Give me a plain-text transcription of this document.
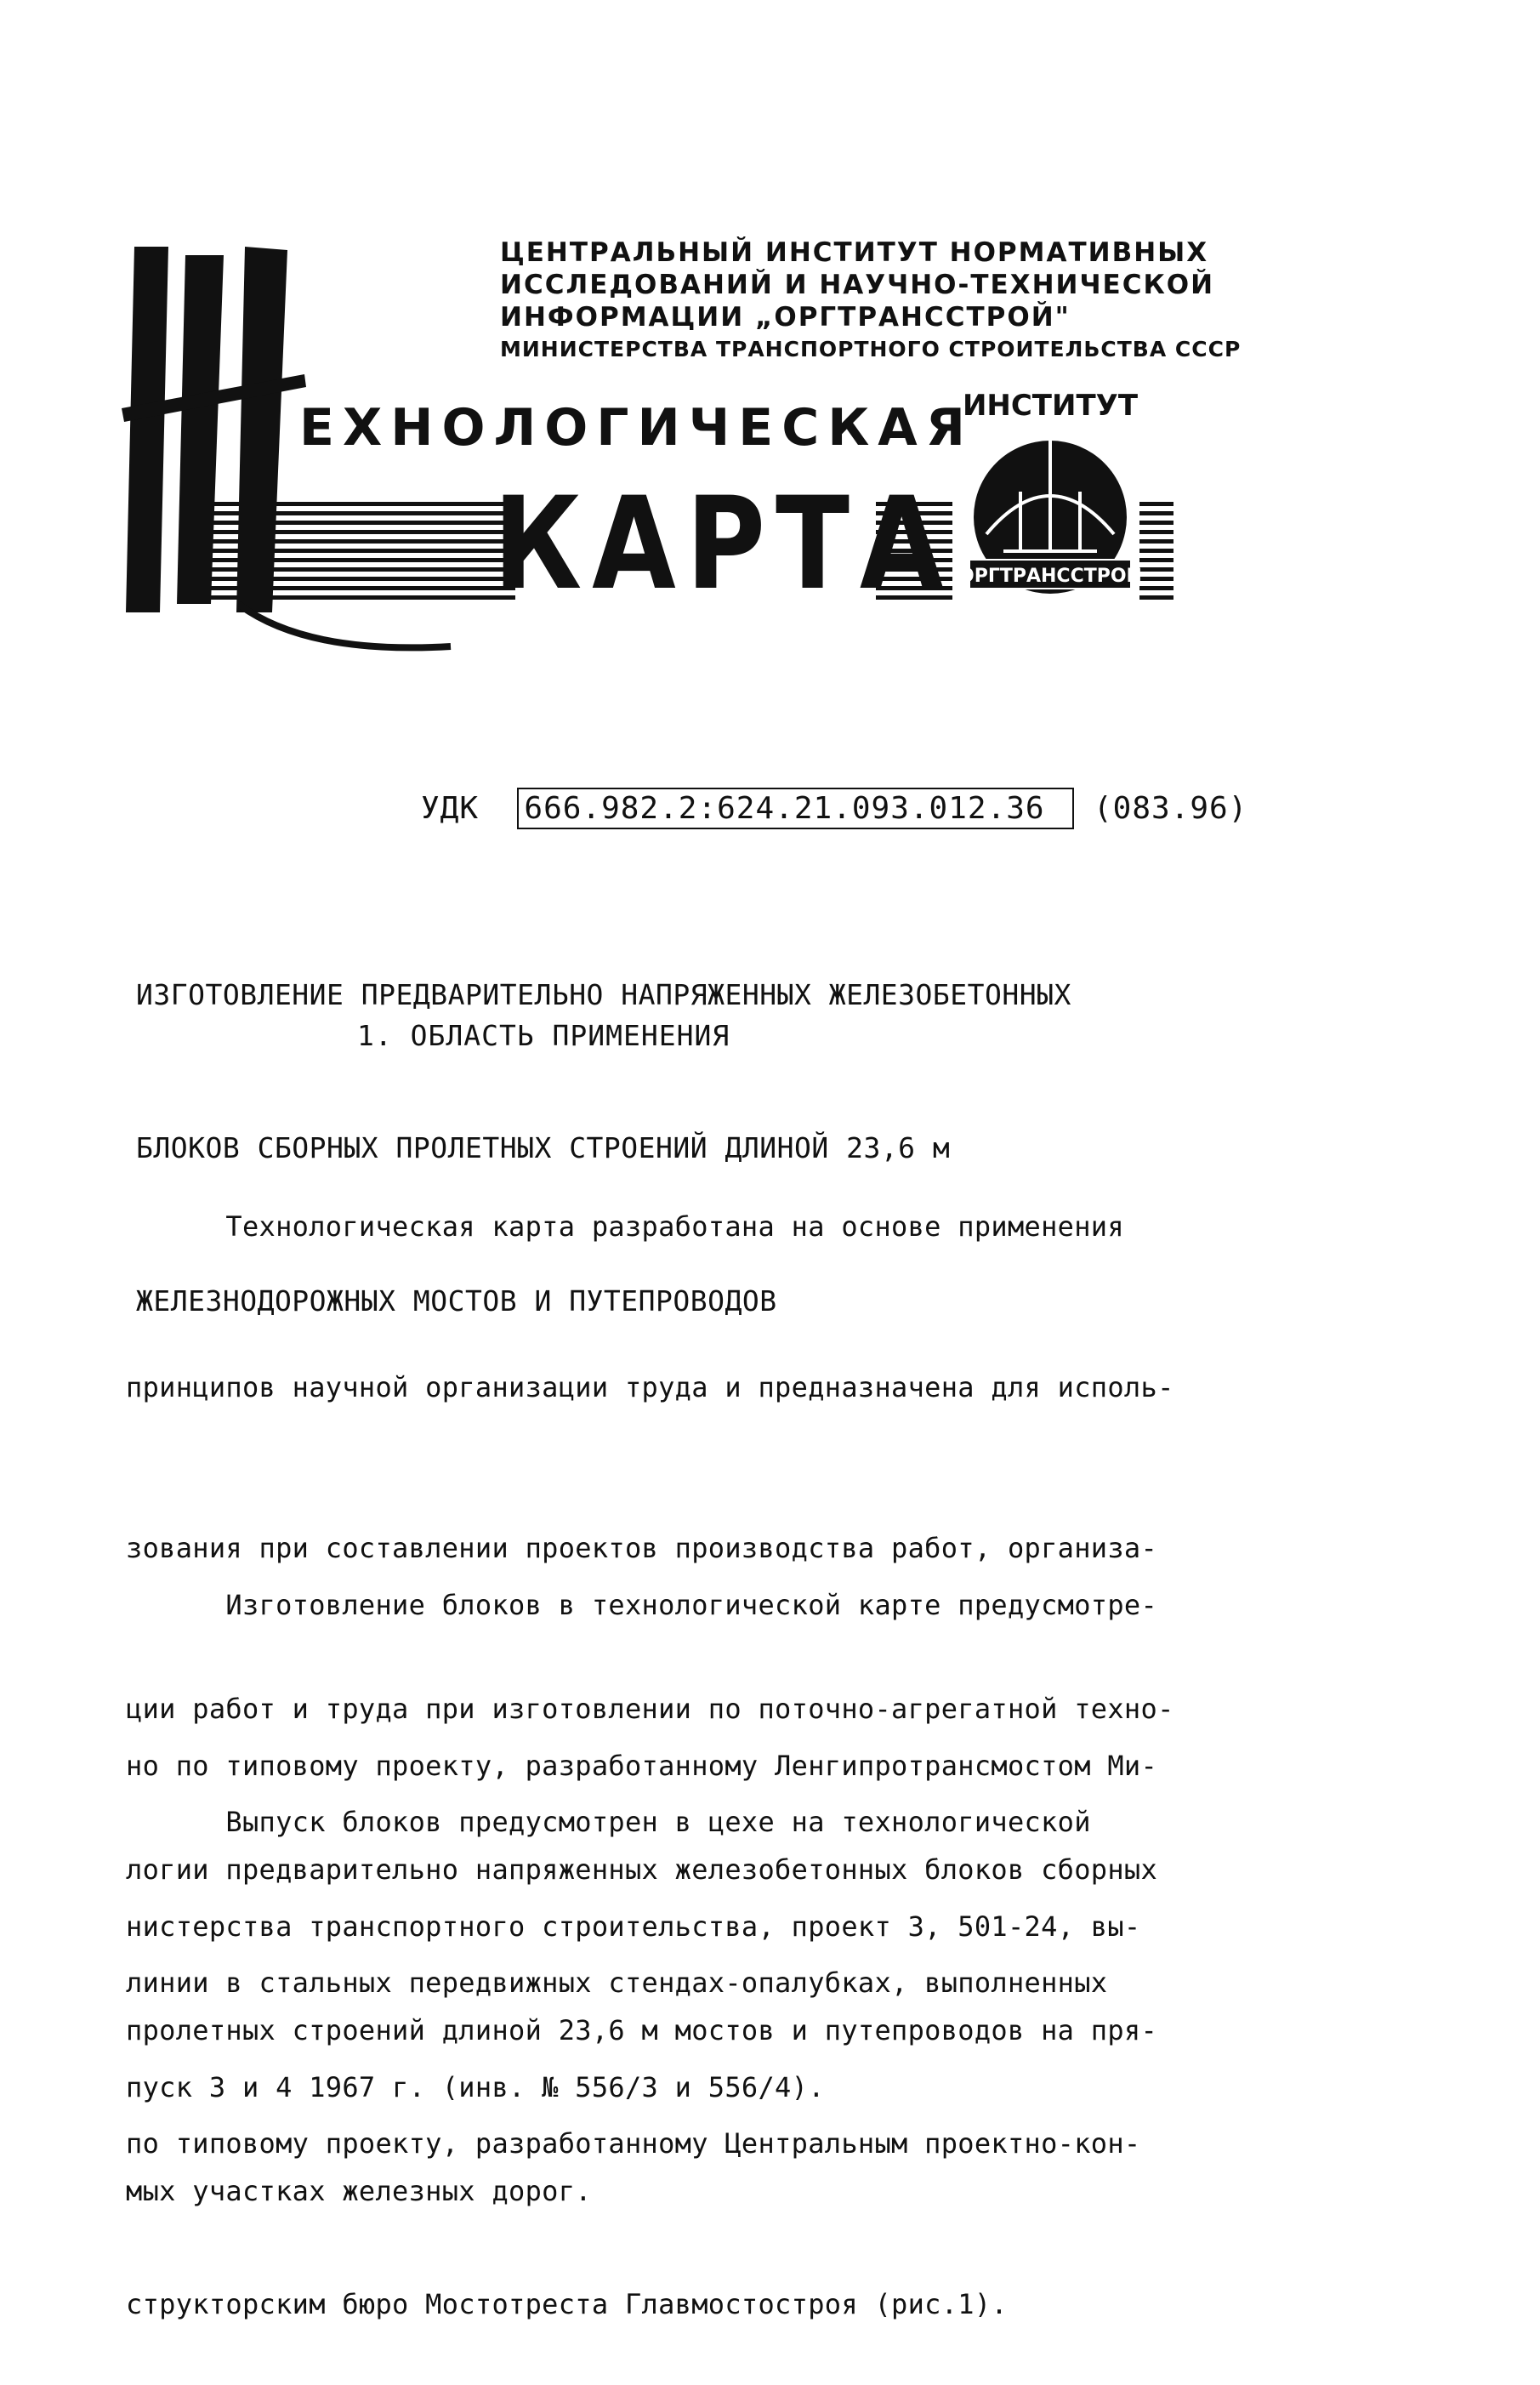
ЦЕНТРАЛЬНЫЙ ИНСТИТУТ НОРМАТИВНЫХ
ИССЛЕДОВАНИЙ И НАУЧНО-ТЕХНИЧЕСКОЙ
ИНФОРМАЦИИ „ОРГТРАНССТРОЙ"
МИНИСТЕРСТВА ТРАНСПОРТНОГО СТРОИТЕЛЬСТВА СССР
ЕХНОЛОГИЧЕСКАЯ
КАРТА
ИНСТИТУТ
ОРГТРАНССТРОЙ
УДК 666.982.2:624.21.093.012.36 (083.96)

ИЗГОТОВЛЕНИЕ ПРЕДВАРИТЕЛЬНО НАПРЯЖЕННЫХ ЖЕЛЕЗОБЕТОННЫХ

БЛОКОВ СБОРНЫХ ПРОЛЕТНЫХ СТРОЕНИЙ ДЛИНОЙ 23,6 м

ЖЕЛЕЗНОДОРОЖНЫХ МОСТОВ И ПУТЕПРОВОДОВ

1. ОБЛАСТЬ ПРИМЕНЕНИЯ

Технологическая карта разработана на основе применения

принципов научной организации труда и предназначена для исполь-

зования при составлении проектов производства работ, организа-

ции работ и труда при изготовлении по поточно-агрегатной техно-

логии предварительно напряженных железобетонных блоков сборных

пролетных строений длиной 23,6 м мостов и путепроводов на пря-

мых участках железных дорог.

Изготовление блоков в технологической карте предусмотре-

но по типовому проекту, разработанному Ленгипротрансмостом Ми-

нистерства транспортного строительства, проект 3, 501-24, вы-

пуск 3 и 4 1967 г. (инв. № 556/3 и 556/4).

Выпуск блоков предусмотрен в цехе на технологической

линии в стальных передвижных стендах-опалубках, выполненных

по типовому проекту, разработанному Центральным проектно-кон-

структорским бюро Мостотреста Главмостостроя (рис.1).
